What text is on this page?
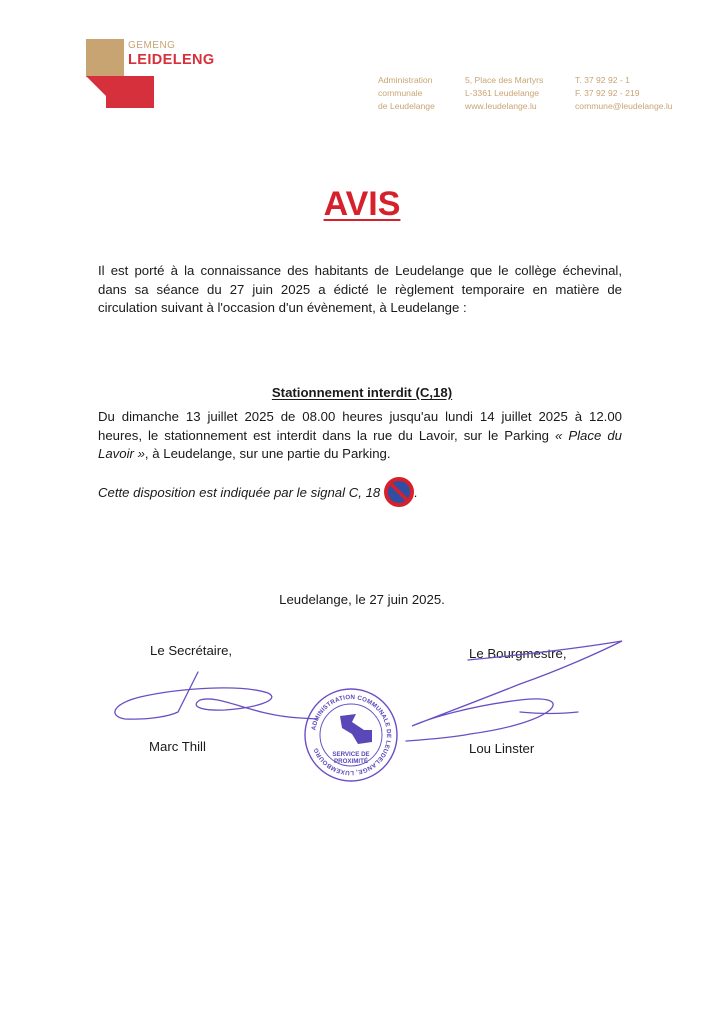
GEMENG
LEIDELENG
Administration
communale
de Leudelange
5, Place des Martyrs
L-3361 Leudelange
www.leudelange.lu
T. 37 92 92 - 1
F. 37 92 92 - 219
commune@leudelange.lu
AVIS
Il est porté à la connaissance des habitants de Leudelange que le collège échevinal, dans sa séance du 27 juin 2025 a édicté le règlement temporaire en matière de circulation suivant à l'occasion d'un évènement, à Leudelange :
Stationnement interdit (C,18)
Du dimanche 13 juillet 2025 de 08.00 heures jusqu'au lundi 14 juillet 2025 à 12.00 heures, le stationnement est interdit dans la rue du Lavoir, sur le Parking « Place du Lavoir », à Leudelange, sur une partie du Parking.
Cette disposition est indiquée par le signal C, 18	.
Leudelange, le 27 juin 2025.
Le Secrétaire,	Le Bourgmestre,
Marc Thill	Lou Linster
ADMINISTRATION COMMUNALE DE LEUDELANGE, LUXEMBOURG
SERVICE DE
PROXIMITÉ
